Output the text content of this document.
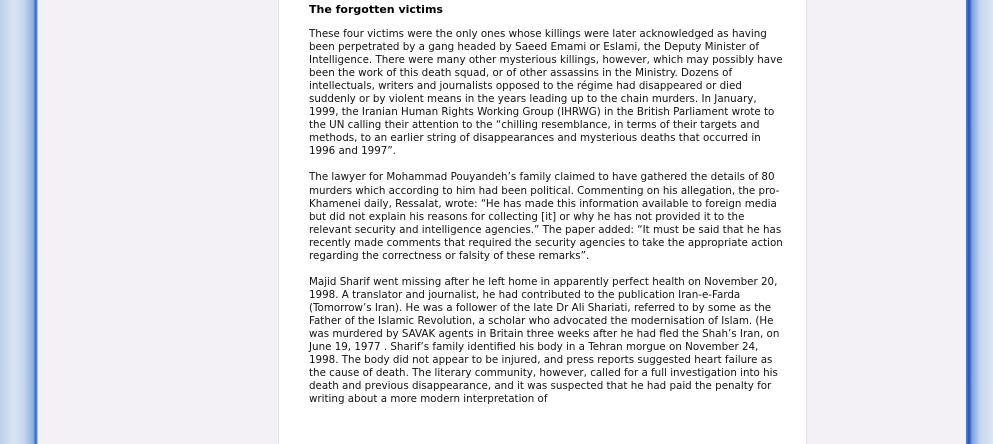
The forgotten victims

These four victims were the only ones whose killings were later acknowledged as having been perpetrated by a gang headed by Saeed Emami or Eslami, the Deputy Minister of Intelligence. There were many other mysterious killings, however, which may possibly have been the work of this death squad, or of other assassins in the Ministry. Dozens of intellectuals, writers and journalists opposed to the régime had disappeared or died suddenly or by violent means in the years leading up to the chain murders. In January, 1999, the Iranian Human Rights Working Group (IHRWG) in the British Parliament wrote to the UN calling their attention to the “chilling resemblance, in terms of their targets and methods, to an earlier string of disappearances and mysterious deaths that occurred in 1996 and 1997”.

The lawyer for Mohammad Pouyandeh’s family claimed to have gathered the details of 80 murders which according to him had been political. Commenting on his allegation, the pro-Khamenei daily, Ressalat, wrote: “He has made this information available to foreign media but did not explain his reasons for collecting [it] or why he has not provided it to the relevant security and intelligence agencies.” The paper added: “It must be said that he has recently made comments that required the security agencies to take the appropriate action regarding the correctness or falsity of these remarks”.

Majid Sharif went missing after he left home in apparently perfect health on November 20, 1998. A translator and journalist, he had contributed to the publication Iran-e-Farda (Tomorrow’s Iran). He was a follower of the late Dr Ali Shariati, referred to by some as the Father of the Islamic Revolution, a scholar who advocated the modernisation of Islam. (He was murdered by SAVAK agents in Britain three weeks after he had fled the Shah’s Iran, on June 19, 1977 . Sharif’s family identified his body in a Tehran morgue on November 24, 1998. The body did not appear to be injured, and press reports suggested heart failure as the cause of death. The literary community, however, called for a full investigation into his death and previous disappearance, and it was suspected that he had paid the penalty for writing about a more modern interpretation of
